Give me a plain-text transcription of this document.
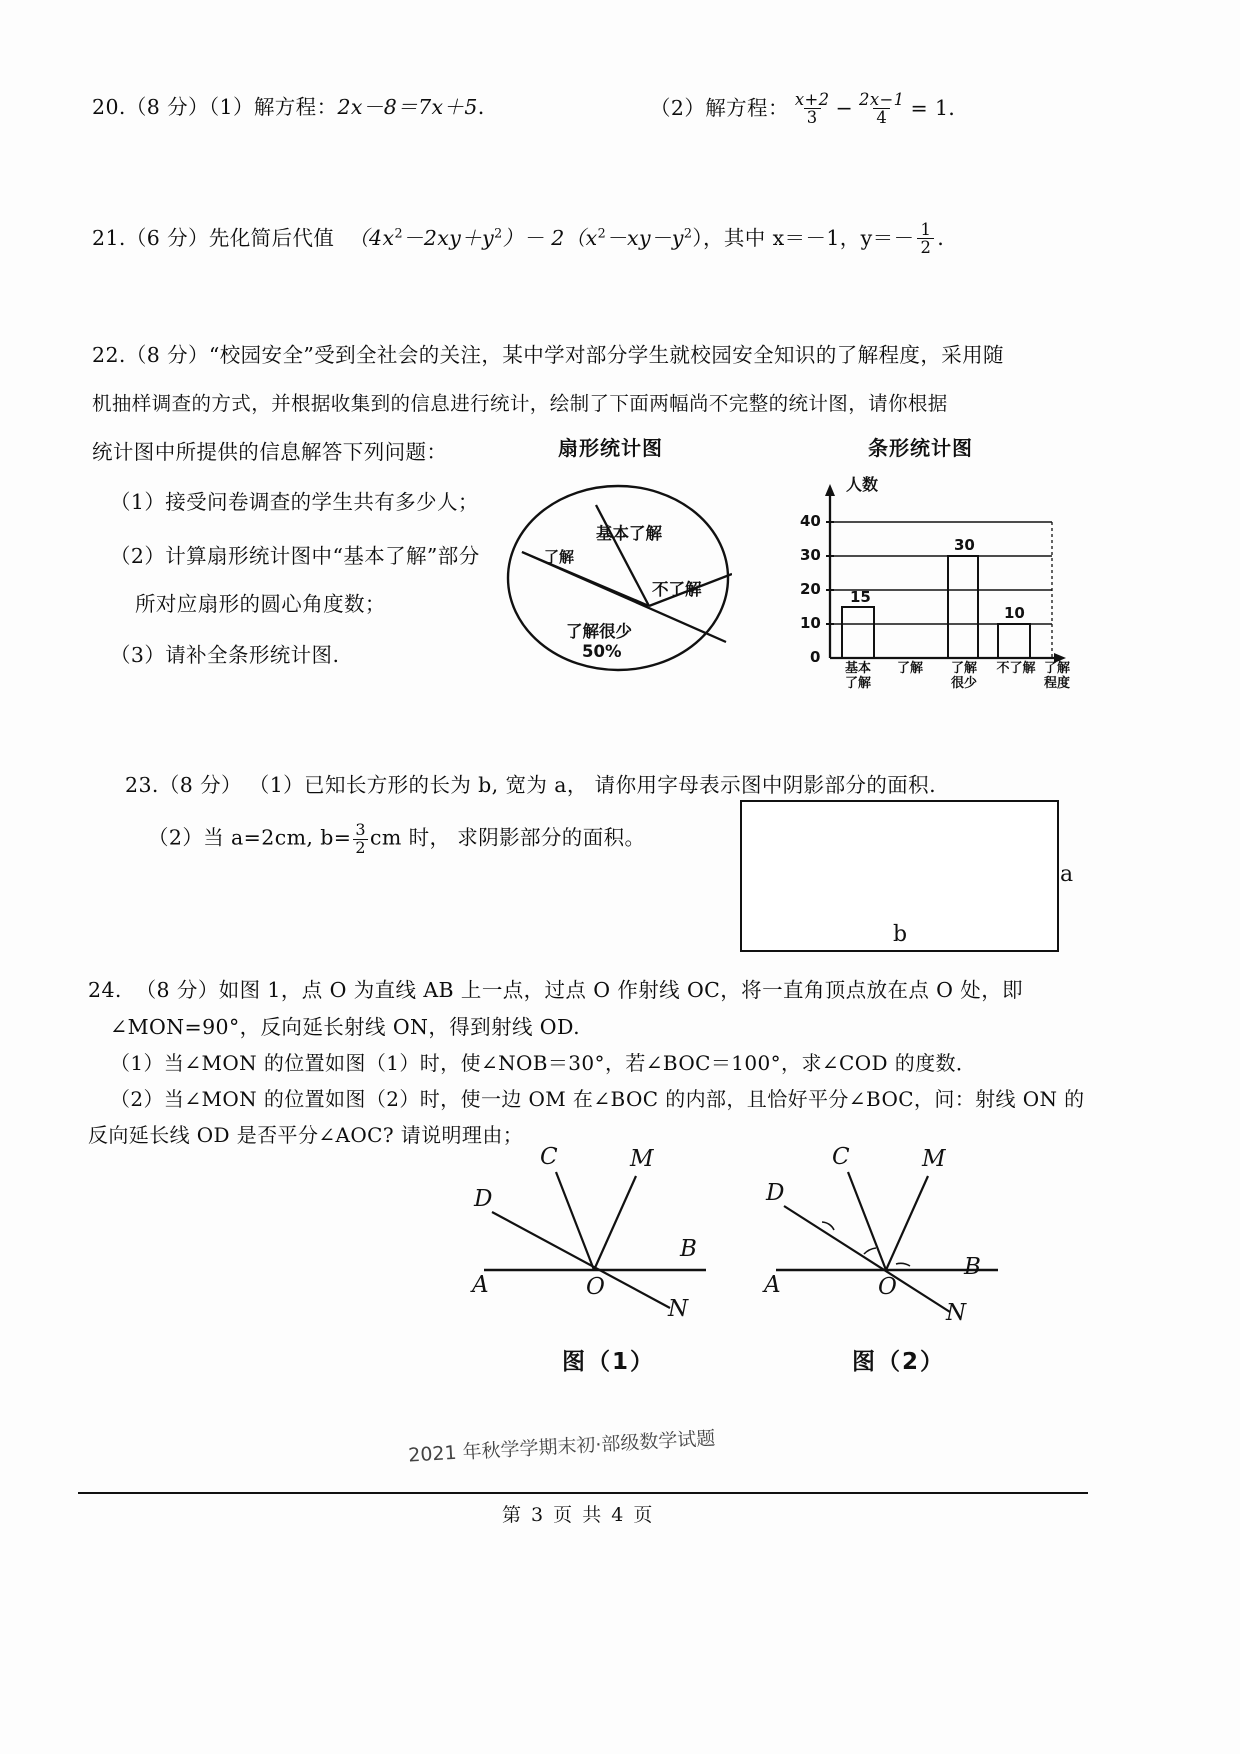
20.（8 分）（1）解方程：2x－8＝7x＋5．	（2）解方程： $\frac{x+2}{3} - \frac{2x-1}{4} = 1$．
21.（6 分）先化简后代值 $(4x^2-2xy+y^2)- 2(x^2-xy-y^2)$，其中 x＝－1，$y=- \frac{1}{2}$ ．
22.（8 分）“校园安全”受到全社会的关注，某中学对部分学生就校园安全知识的了解程度，采用随
机抽样调查的方式，并根据收集到的信息进行统计，绘制了下面两幅尚不完整的统计图，请你根据
统计图中所提供的信息解答下列问题：
（1）接受问卷调查的学生共有多少人；
（2）计算扇形统计图中“基本了解”部分
所对应扇形的圆心角度数；
（3）请补全条形统计图.
扇形统计图
基本了解
了解
不了解
了解很少
50%
条形统计图
人数
40
30
20
10
0
15
30
10
基本
了解
了解	了解
很少
不了解 了解
程度
23.（8 分） （1）已知长方形的长为 b, 宽为 a， 请你用字母表示图中阴影部分的面积.
（2）当 a=2cm, $b= \frac{3}{2}$ cm 时， 求阴影部分的面积。
a
b
24. （8 分）如图 1，点 O 为直线 AB 上一点，过点 O 作射线 OC，将一直角顶点放在点 O 处，即
∠MON=90°，反向延长射线 ON，得到射线 OD.
（1）当∠MON 的位置如图（1）时，使∠NOB＝30°，若∠BOC＝100°，求∠COD 的度数．
（2）当∠MON 的位置如图（2）时，使一边 OM 在∠BOC 的内部，且恰好平分∠BOC，问：射线 ON 的
反向延长线 OD 是否平分∠AOC? 请说明理由；
C	M
D
B
A	O
N
图（1）
C	M
D
B
A	O
N
图（2）
2021 年秋学学期末初·部级数学试题
第 3 页 共 4 页
